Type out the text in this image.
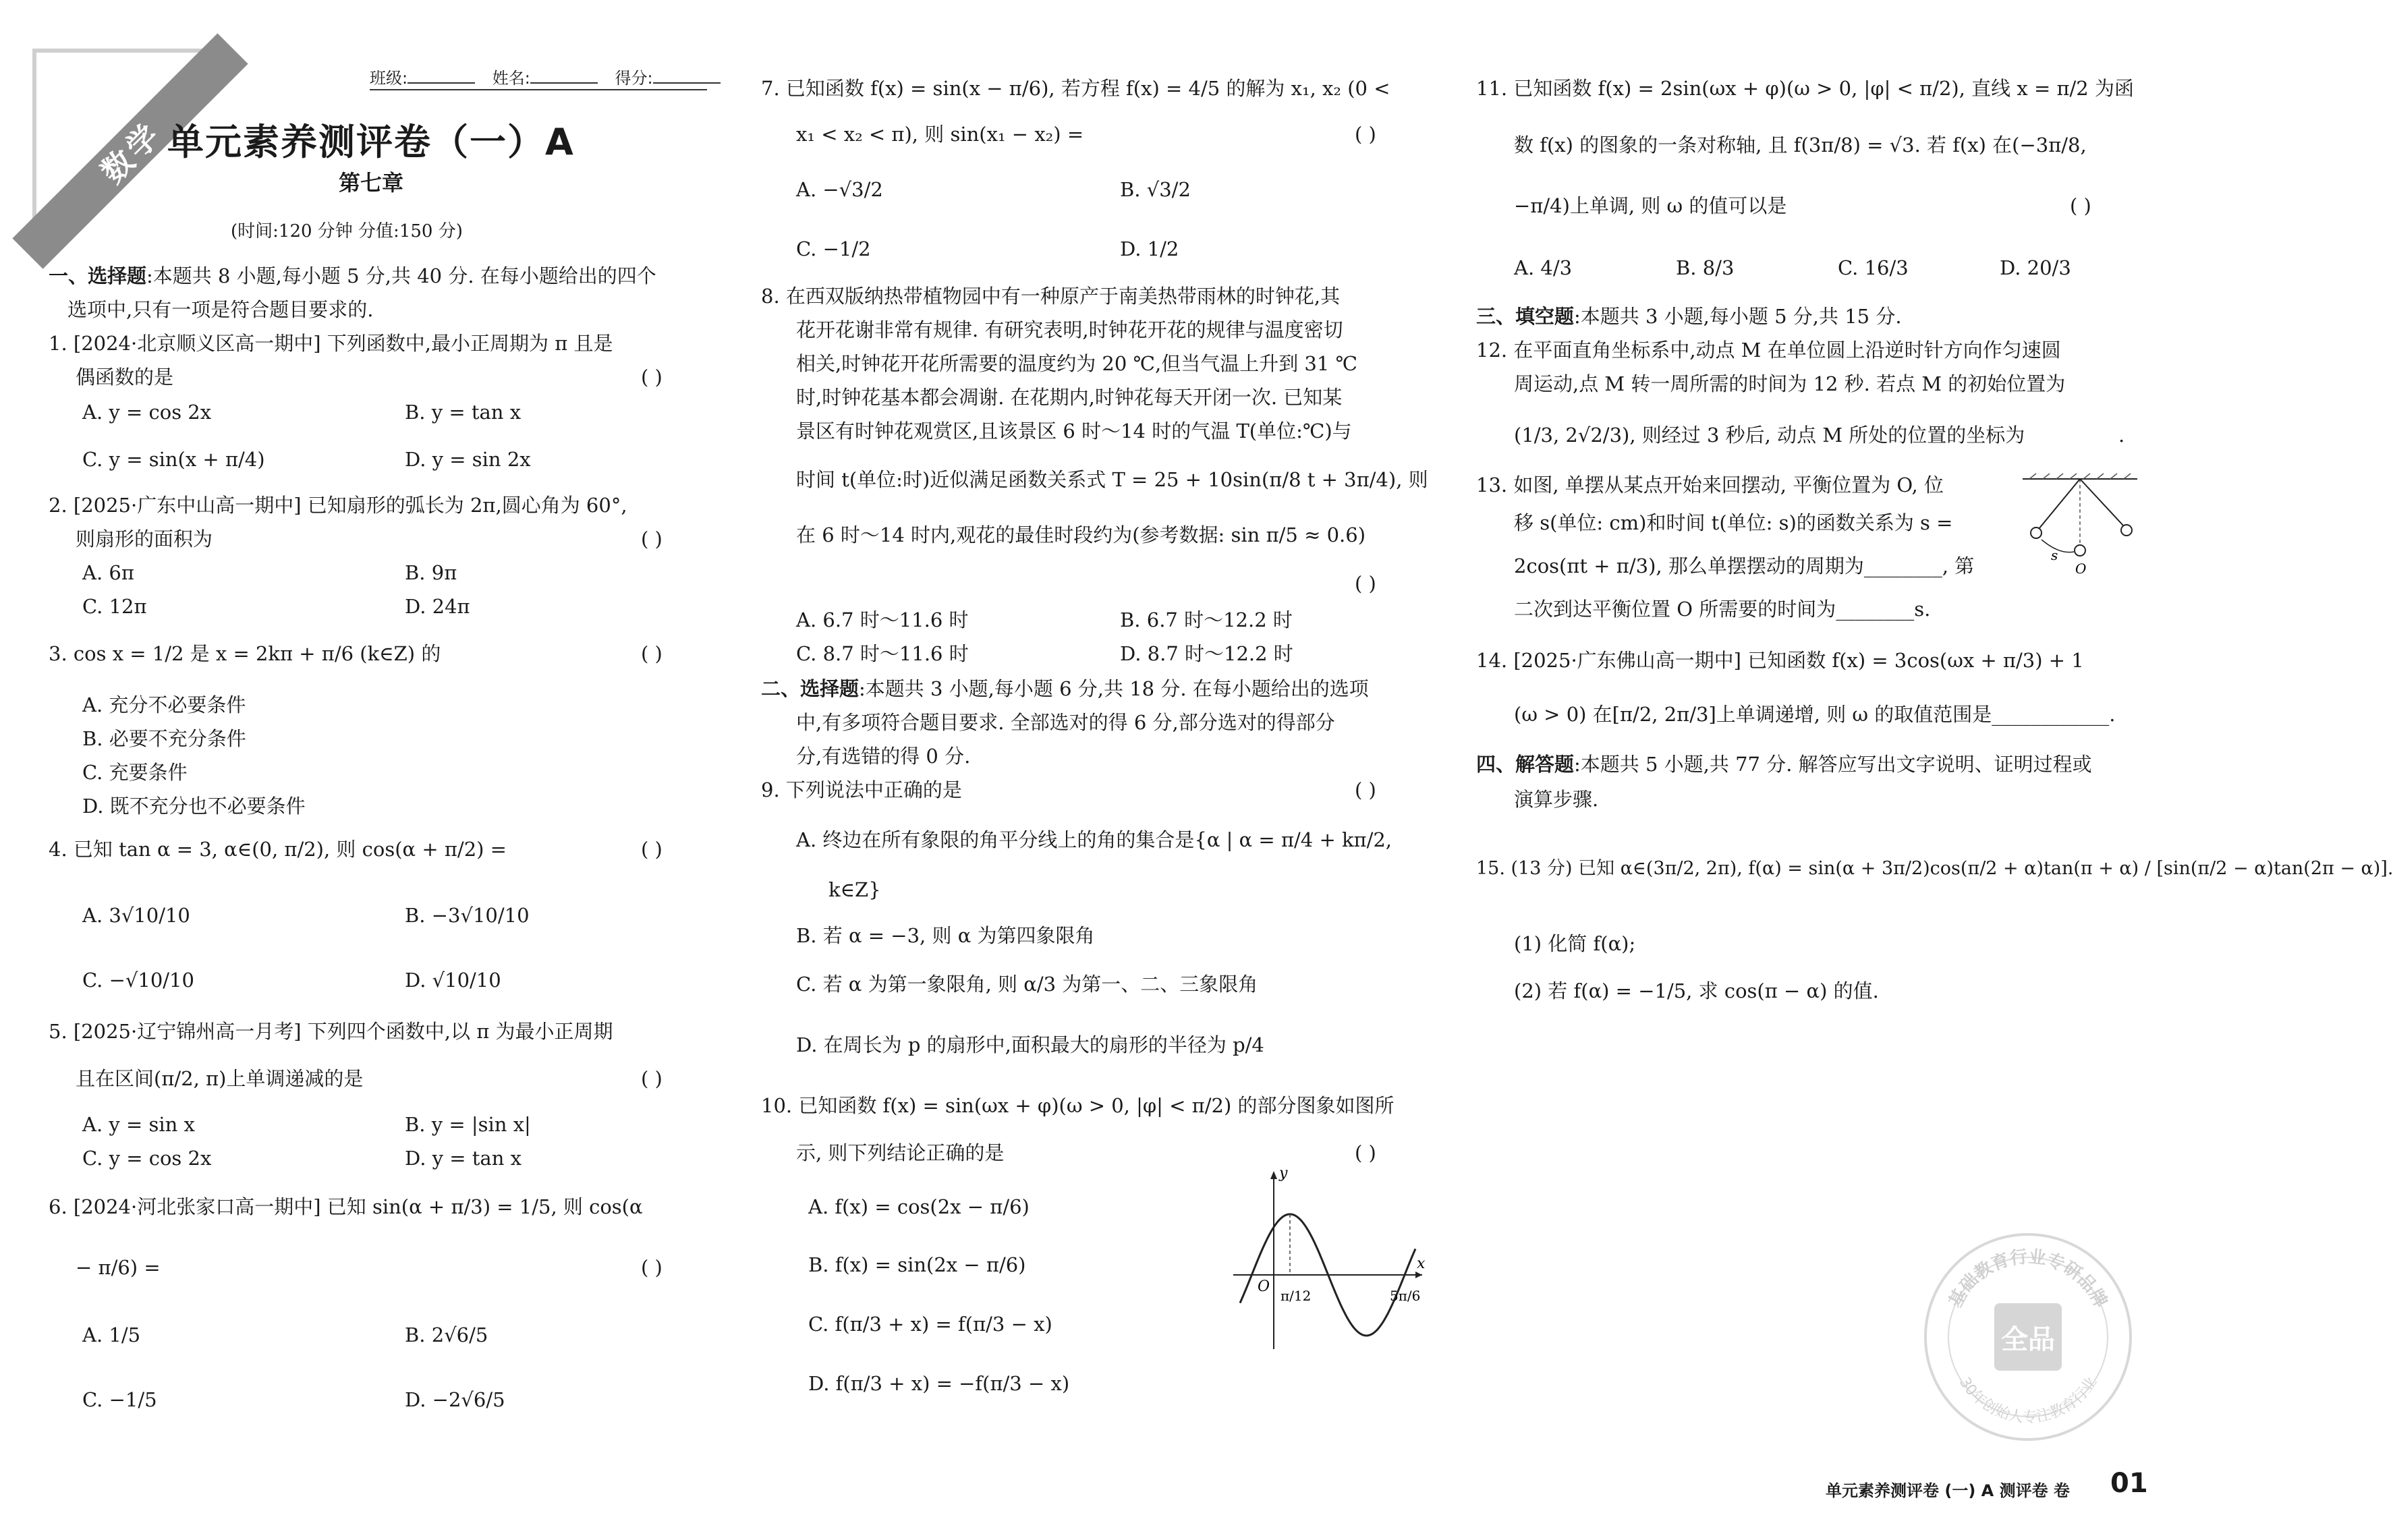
数学
班级:	姓名:	得分:
单元素养测评卷（一）A
第七章
(时间:120 分钟 分值:150 分)

一、选择题:本题共 8 小题,每小题 5 分,共 40 分. 在每小题给出的四个

选项中,只有一项是符合题目要求的.

1. [2024·北京顺义区高一期中] 下列函数中,最小正周期为 π 且是

偶函数的是	( )
A. y = cos 2x	B. y = tan x
C. y = sin(x + π/4)	D. y = sin 2x

2. [2025·广东中山高一期中] 已知扇形的弧长为 2π,圆心角为 60°,

则扇形的面积为	( )
A. 6π	B. 9π
C. 12π	D. 24π

3. cos x = 1/2 是 x = 2kπ + π/6 (k∈Z) 的	( )
A. 充分不必要条件
B. 必要不充分条件
C. 充要条件
D. 既不充分也不必要条件

4. 已知 tan α = 3, α∈(0, π/2), 则 cos(α + π/2) =	( )
A. 3√10/10	B. −3√10/10
C. −√10/10	D. √10/10

5. [2025·辽宁锦州高一月考] 下列四个函数中,以 π 为最小正周期

且在区间(π/2, π)上单调递减的是	( )
A. y = sin x	B. y = |sin x|
C. y = cos 2x	D. y = tan x

6. [2024·河北张家口高一期中] 已知 sin(α + π/3) = 1/5, 则 cos(α

− π/6) =	( )
A. 1/5	B. 2√6/5
C. −1/5	D. −2√6/5

7. 已知函数 f(x) = sin(x − π/6), 若方程 f(x) = 4/5 的解为 x₁, x₂ (0 <

x₁ < x₂ < π), 则 sin(x₁ − x₂) =	( )
A. −√3/2	B. √3/2
C. −1/2	D. 1/2

8. 在西双版纳热带植物园中有一种原产于南美热带雨林的时钟花,其

花开花谢非常有规律. 有研究表明,时钟花开花的规律与温度密切

相关,时钟花开花所需要的温度约为 20 ℃,但当气温上升到 31 ℃

时,时钟花基本都会凋谢. 在花期内,时钟花每天开闭一次. 已知某

景区有时钟花观赏区,且该景区 6 时～14 时的气温 T(单位:℃)与

时间 t(单位:时)近似满足函数关系式 T = 25 + 10sin(π/8 t + 3π/4), 则

在 6 时～14 时内,观花的最佳时段约为(参考数据: sin π/5 ≈ 0.6)

( )
A. 6.7 时～11.6 时	B. 6.7 时～12.2 时
C. 8.7 时～11.6 时	D. 8.7 时～12.2 时

二、选择题:本题共 3 小题,每小题 6 分,共 18 分. 在每小题给出的选项

中,有多项符合题目要求. 全部选对的得 6 分,部分选对的得部分

分,有选错的得 0 分.

9. 下列说法中正确的是	( )
A. 终边在所有象限的角平分线上的角的集合是{α | α = π/4 + kπ/2,
k∈Z}
B. 若 α = −3, 则 α 为第四象限角
C. 若 α 为第一象限角, 则 α/3 为第一、二、三象限角
D. 在周长为 p 的扇形中,面积最大的扇形的半径为 p/4

10. 已知函数 f(x) = sin(ωx + φ)(ω > 0, |φ| < π/2) 的部分图象如图所

示, 则下列结论正确的是	( )
A. f(x) = cos(2x − π/6)
B. f(x) = sin(2x − π/6)
C. f(π/3 + x) = f(π/3 − x)
D. f(π/3 + x) = −f(π/3 − x)
y
x
O
π/12	5π/6

11. 已知函数 f(x) = 2sin(ωx + φ)(ω > 0, |φ| < π/2), 直线 x = π/2 为函

数 f(x) 的图象的一条对称轴, 且 f(3π/8) = √3. 若 f(x) 在(−3π/8,

−π/4)上单调, 则 ω 的值可以是	( )
A. 4/3	B. 8/3	C. 16/3	D. 20/3

三、填空题:本题共 3 小题,每小题 5 分,共 15 分.

12. 在平面直角坐标系中,动点 M 在单位圆上沿逆时针方向作匀速圆

周运动,点 M 转一周所需的时间为 12 秒. 若点 M 的初始位置为

(1/3, 2√2/3), 则经过 3 秒后, 动点 M 所处的位置的坐标为	.

13. 如图, 单摆从某点开始来回摆动, 平衡位置为 O, 位

移 s(单位: cm)和时间 t(单位: s)的函数关系为 s =

2cos(πt + π/3), 那么单摆摆动的周期为________, 第

二次到达平衡位置 O 所需要的时间为________s.

s
O

14. [2025·广东佛山高一期中] 已知函数 f(x) = 3cos(ωx + π/3) + 1

(ω > 0) 在[π/2, 2π/3]上单调递增, 则 ω 的取值范围是____________.

四、解答题:本题共 5 小题,共 77 分. 解答应写出文字说明、证明过程或

演算步骤.

15. (13 分) 已知 α∈(3π/2, 2π), f(α) = sin(α + 3π/2)cos(π/2 + α)tan(π + α) / [sin(π/2 − α)tan(2π − α)].

(1) 化简 f(α);

(2) 若 f(α) = −1/5, 求 cos(π − α) 的值.

基础教育行业专研品牌
30年创始人专注教育行业
全品
单元素养测评卷 (一) A 测评卷 卷 01
